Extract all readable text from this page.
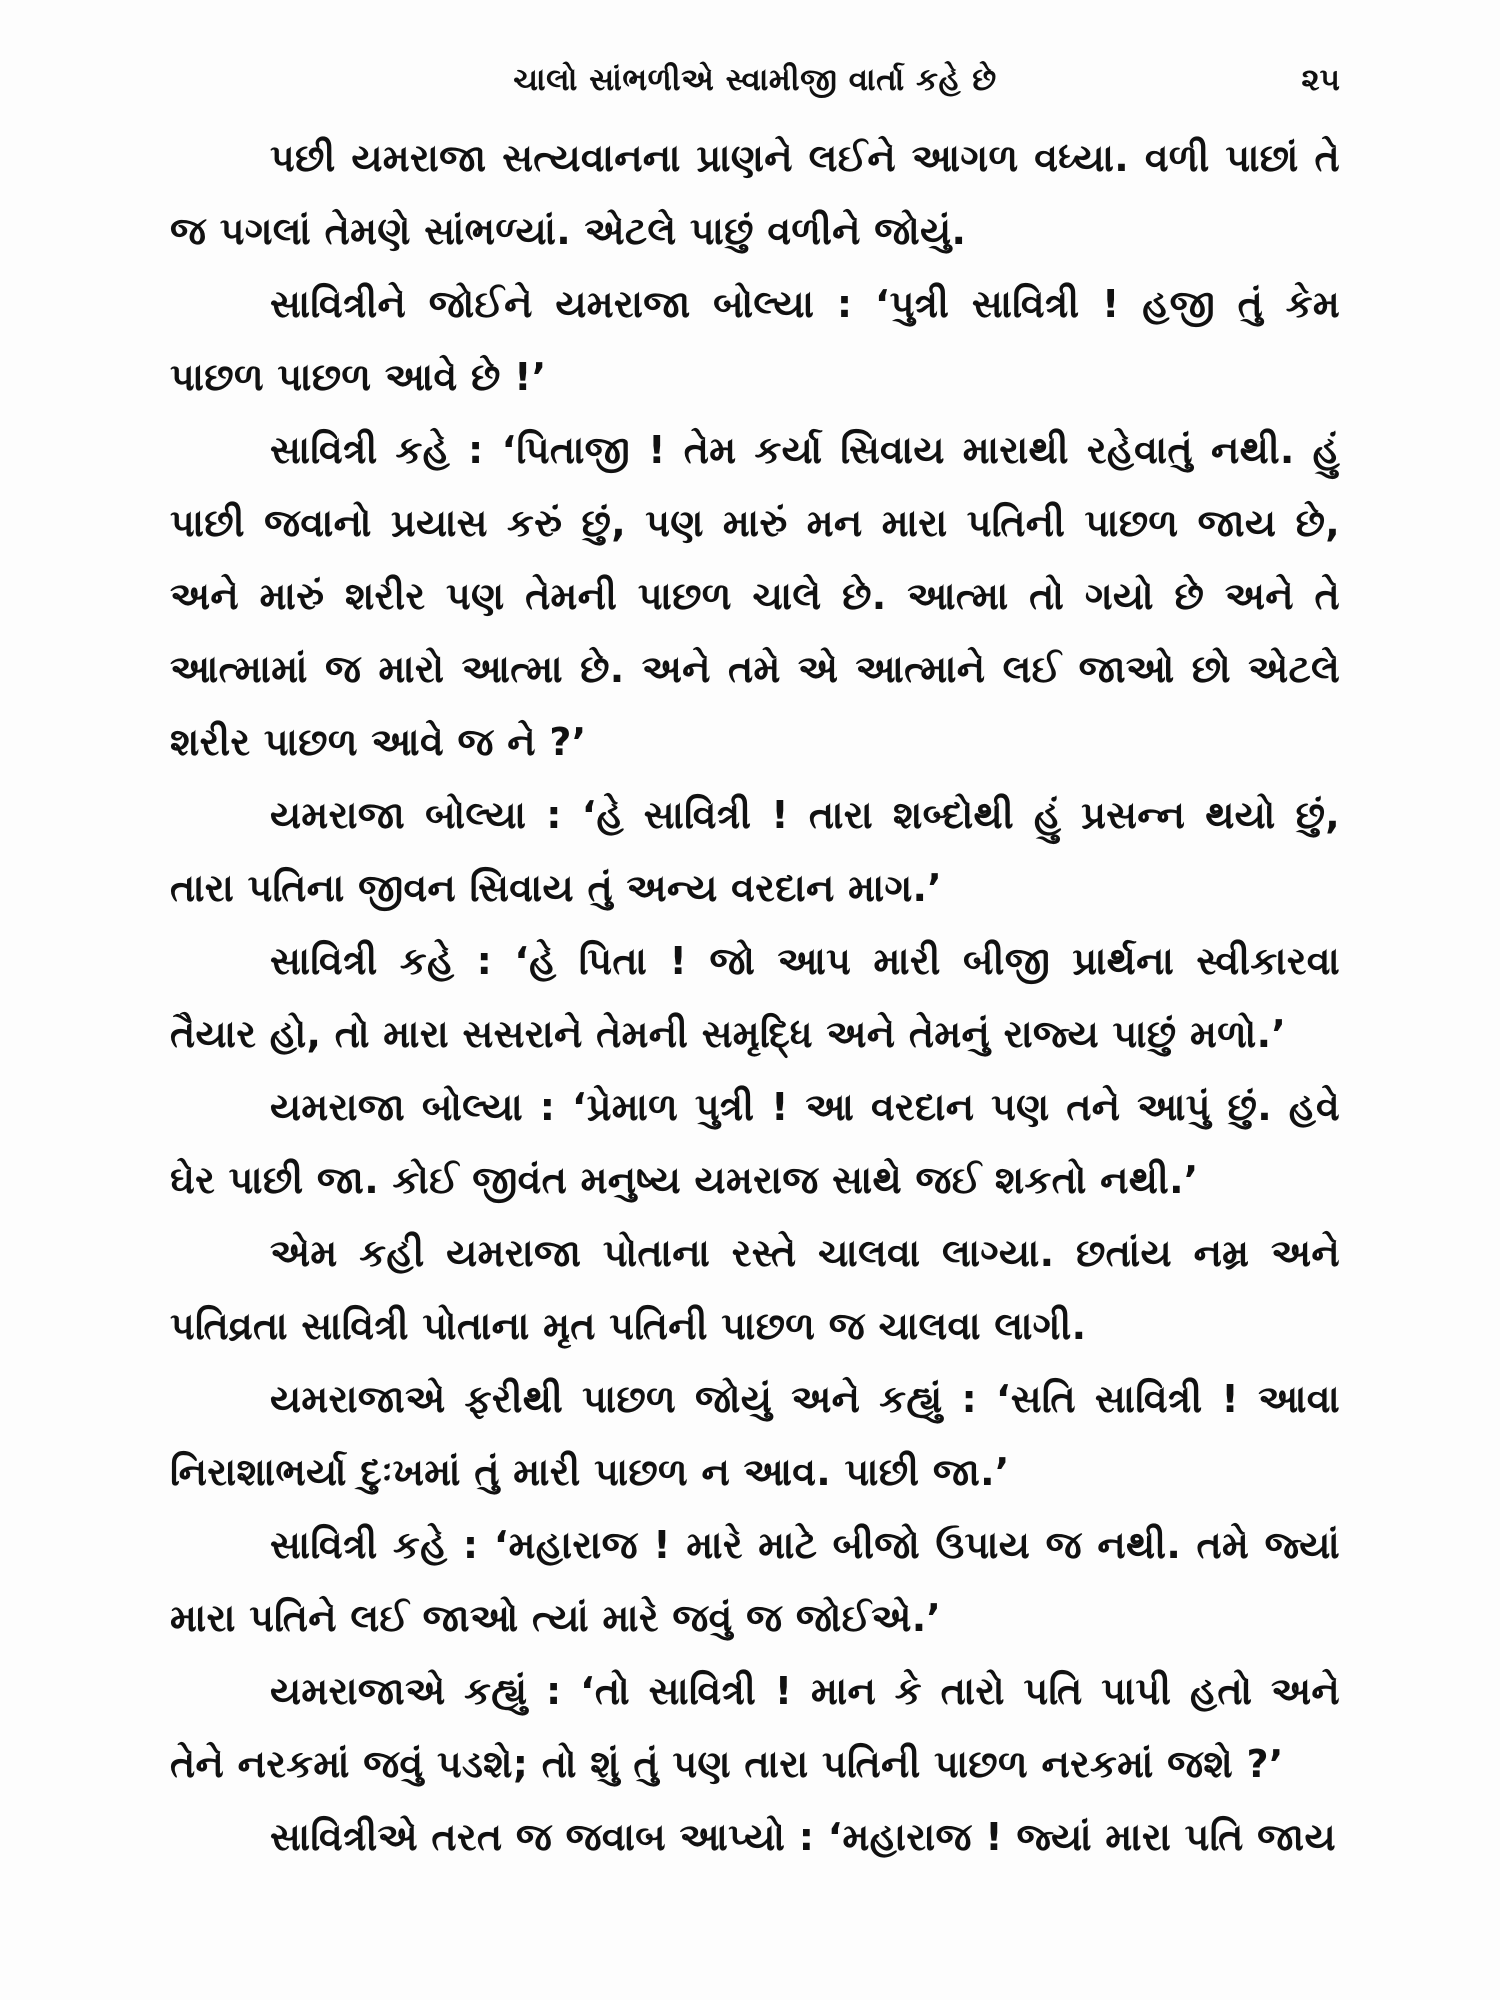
ચાલો સાંભળીએ સ્વામીજી વાર્તા કહે છે	૨૫

પછી યમરાજા સત્યવાનના પ્રાણને લઈને આગળ વધ્યા. વળી પાછાં તે જ પગલાં તેમણે સાંભળ્યાં. એટલે પાછું વળીને જોયું.

સાવિત્રીને જોઈને યમરાજા બોલ્યા : ‘પુત્રી સાવિત્રી ! હજી તું કેમ પાછળ પાછળ આવે છે !’

સાવિત્રી કહે : ‘પિતાજી ! તેમ કર્યા સિવાય મારાથી રહેવાતું નથી. હું પાછી જવાનો પ્રયાસ કરું છું, પણ મારું મન મારા પતિની પાછળ જાય છે, અને મારું શરીર પણ તેમની પાછળ ચાલે છે. આત્મા તો ગયો છે અને તે આત્મામાં જ મારો આત્મા છે. અને તમે એ આત્માને લઈ જાઓ છો એટલે શરીર પાછળ આવે જ ને ?’

યમરાજા બોલ્યા : ‘હે સાવિત્રી ! તારા શબ્દોથી હું પ્રસન્ન થયો છું, તારા પતિના જીવન સિવાય તું અન્ય વરદાન માગ.’

સાવિત્રી કહે : ‘હે પિતા ! જો આપ મારી બીજી પ્રાર્થના સ્વીકારવા તૈયાર હો, તો મારા સસરાને તેમની સમૃદ્ધિ અને તેમનું રાજ્ય પાછું મળો.’

યમરાજા બોલ્યા : ‘પ્રેમાળ પુત્રી ! આ વરદાન પણ તને આપું છું. હવે ઘેર પાછી જા. કોઈ જીવંત મનુષ્ય યમરાજ સાથે જઈ શકતો નથી.’

એમ કહી યમરાજા પોતાના રસ્તે ચાલવા લાગ્યા. છતાંય નમ્ર અને પતિવ્રતા સાવિત્રી પોતાના મૃત પતિની પાછળ જ ચાલવા લાગી.

યમરાજાએ ફરીથી પાછળ જોયું અને કહ્યું : ‘સતિ સાવિત્રી ! આવા નિરાશાભર્યા દુઃખમાં તું મારી પાછળ ન આવ. પાછી જા.’

સાવિત્રી કહે : ‘મહારાજ ! મારે માટે બીજો ઉપાય જ નથી. તમે જ્યાં મારા પતિને લઈ જાઓ ત્યાં મારે જવું જ જોઈએ.’

યમરાજાએ કહ્યું : ‘તો સાવિત્રી ! માન કે તારો પતિ પાપી હતો અને તેને નરકમાં જવું પડશે; તો શું તું પણ તારા પતિની પાછળ નરકમાં જશે ?’

સાવિત્રીએ તરત જ જવાબ આપ્યો : ‘મહારાજ ! જ્યાં મારા પતિ જાય
